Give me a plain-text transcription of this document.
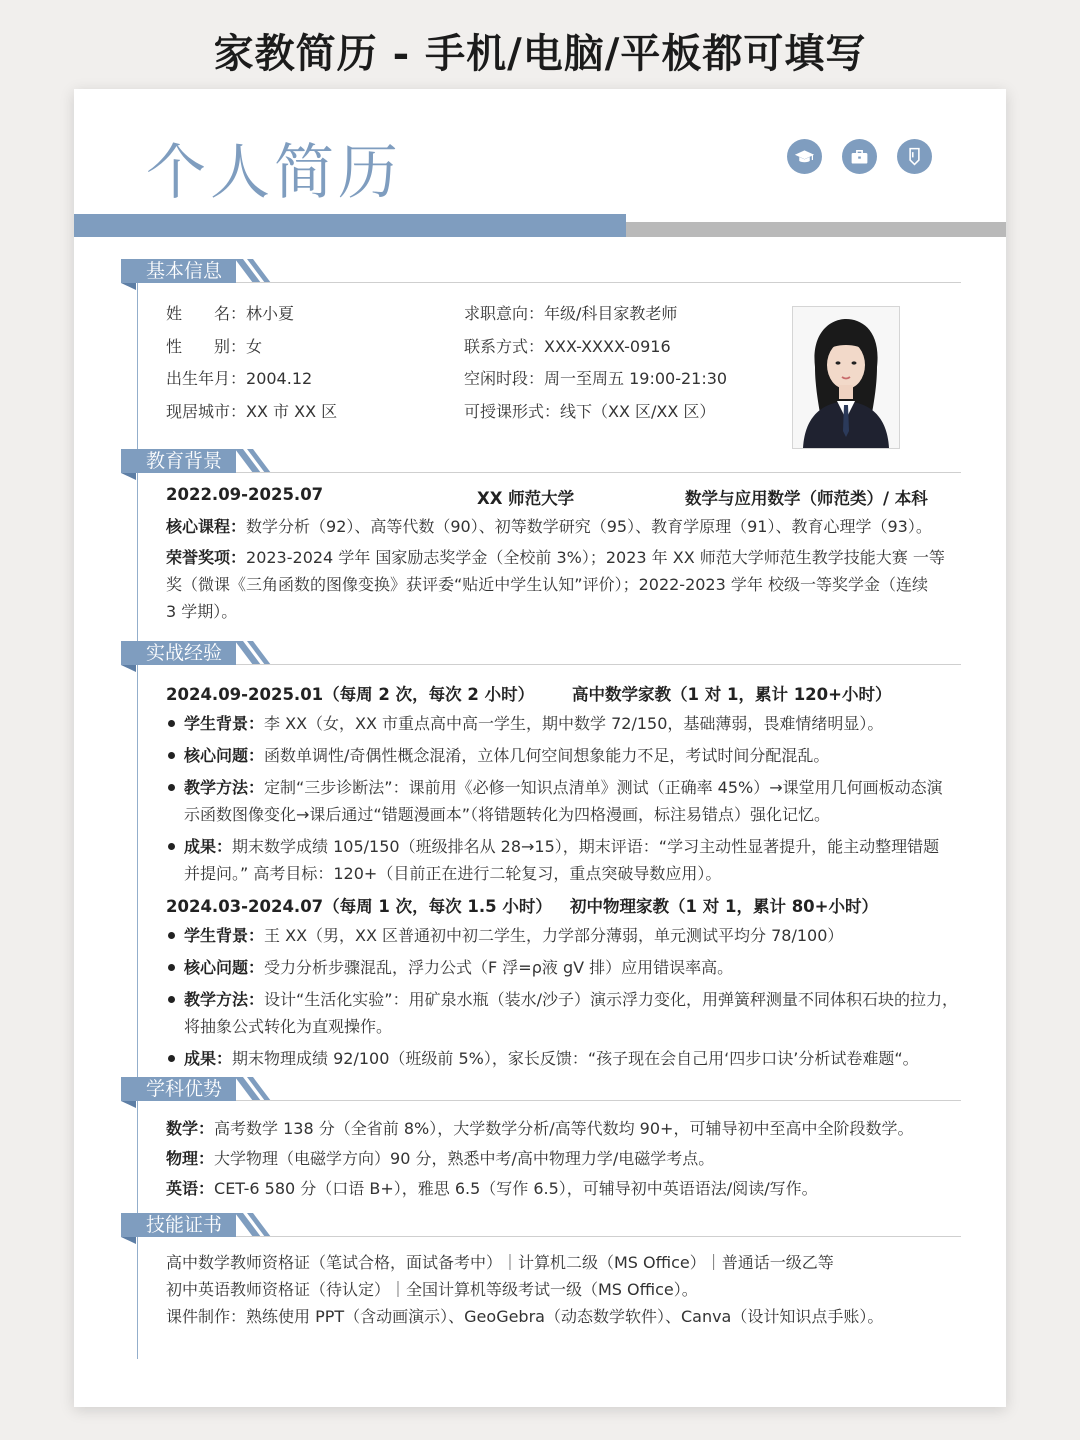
家教简历 - 手机/电脑/平板都可填写
个人简历
基本信息
姓　　名：林小夏	求职意向：年级/科目家教老师
性　　别：女	联系方式：XXX-XXXX-0916
出生年月：2004.12	空闲时段：周一至周五 19:00-21:30
现居城市：XX 市 XX 区	可授课形式：线下（XX 区/XX 区）
教育背景
2022.09-2025.07	XX 师范大学	数学与应用数学（师范类）/ 本科
核心课程：数学分析（92）、高等代数（90）、初等数学研究（95）、教育学原理（91）、教育心理学（93）。
荣誉奖项：2023-2024 学年 国家励志奖学金（全校前 3%）；2023 年 XX 师范大学师范生教学技能大赛 一等
奖（微课《三角函数的图像变换》获评委“贴近中学生认知”评价）；2022-2023 学年 校级一等奖学金（连续
3 学期）。
实战经验
2024.09-2025.01（每周 2 次，每次 2 小时） 高中数学家教（1 对 1，累计 120+小时）
学生背景：李 XX（女，XX 市重点高中高一学生，期中数学 72/150，基础薄弱，畏难情绪明显）。
核心问题：函数单调性/奇偶性概念混淆，立体几何空间想象能力不足，考试时间分配混乱。
教学方法：定制“三步诊断法”：课前用《必修一知识点清单》测试（正确率 45%）→课堂用几何画板动态演
示函数图像变化→课后通过“错题漫画本”（将错题转化为四格漫画，标注易错点）强化记忆。
成果：期末数学成绩 105/150（班级排名从 28→15），期末评语：“学习主动性显著提升，能主动整理错题
并提问。” 高考目标：120+（目前正在进行二轮复习，重点突破导数应用）。
2024.03-2024.07（每周 1 次，每次 1.5 小时） 初中物理家教（1 对 1，累计 80+小时）
学生背景：王 XX（男，XX 区普通初中初二学生，力学部分薄弱，单元测试平均分 78/100）
核心问题：受力分析步骤混乱，浮力公式（F 浮=ρ液 gV 排）应用错误率高。
教学方法：设计“生活化实验”：用矿泉水瓶（装水/沙子）演示浮力变化，用弹簧秤测量不同体积石块的拉力，
将抽象公式转化为直观操作。
成果：期末物理成绩 92/100（班级前 5%），家长反馈：“孩子现在会自己用‘四步口诀’分析试卷难题“。
学科优势
数学：高考数学 138 分（全省前 8%），大学数学分析/高等代数均 90+，可辅导初中至高中全阶段数学。
物理：大学物理（电磁学方向）90 分，熟悉中考/高中物理力学/电磁学考点。
英语：CET-6 580 分（口语 B+），雅思 6.5（写作 6.5），可辅导初中英语语法/阅读/写作。
技能证书
高中数学教师资格证（笔试合格，面试备考中）｜计算机二级（MS Office）｜普通话一级乙等
初中英语教师资格证（待认定）｜全国计算机等级考试一级（MS Office）。
课件制作：熟练使用 PPT（含动画演示）、GeoGebra（动态数学软件）、Canva（设计知识点手账）。
